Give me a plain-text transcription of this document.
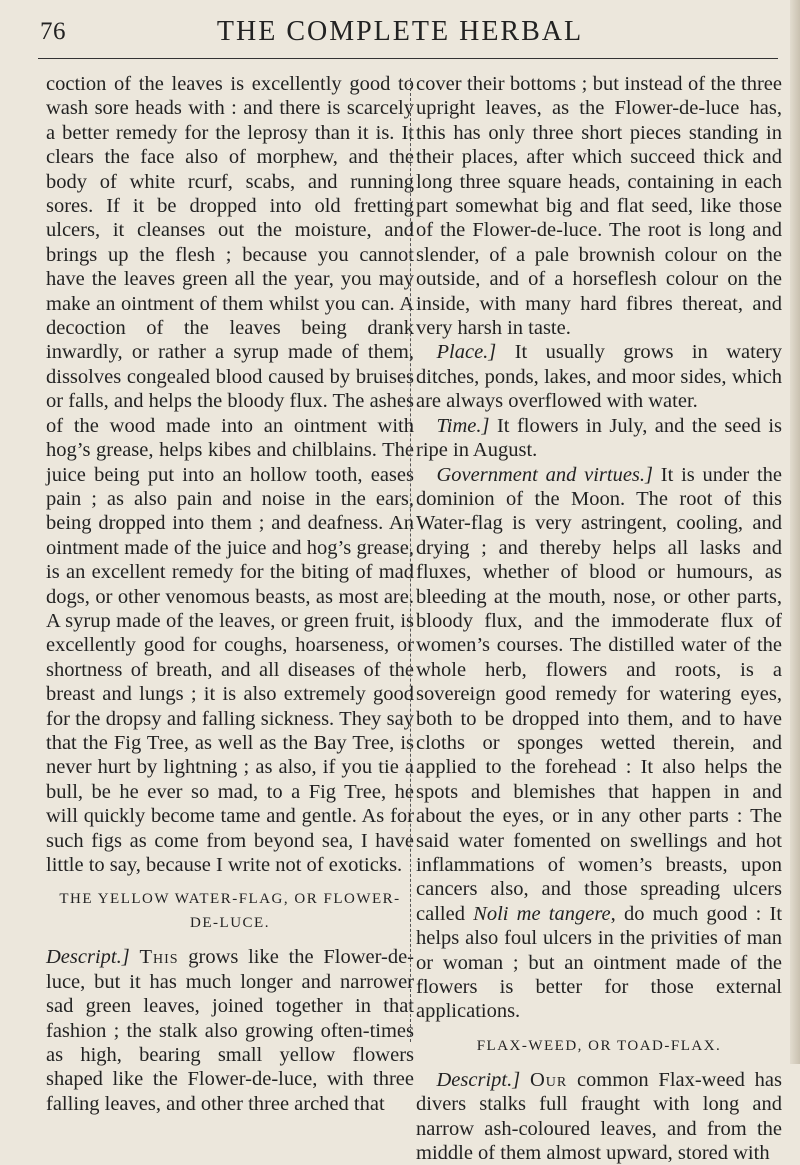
76	THE COMPLETE HERBAL

coction of the leaves is excellently good to wash sore heads with : and there is scarcely a better remedy for the leprosy than it is. It clears the face also of morphew, and the body of white rcurf, scabs, and running sores. If it be dropped into old fretting ulcers, it cleanses out the moisture, and brings up the flesh ; because you cannot have the leaves green all the year, you may make an ointment of them whilst you can. A decoction of the leaves being drank inwardly, or rather a syrup made of them, dissolves congealed blood caused by bruises or falls, and helps the bloody flux. The ashes of the wood made into an ointment with hog’s grease, helps kibes and chilblains. The juice being put into an hollow tooth, eases pain ; as also pain and noise in the ears, being dropped into them ; and deafness. An ointment made of the juice and hog’s grease, is an excellent remedy for the biting of mad dogs, or other venomous beasts, as most are. A syrup made of the leaves, or green fruit, is excellently good for coughs, hoarseness, or shortness of breath, and all diseases of the breast and lungs ; it is also extremely good for the dropsy and falling sickness. They say that the Fig Tree, as well as the Bay Tree, is never hurt by lightning ; as also, if you tie a bull, be he ever so mad, to a Fig Tree, he will quickly become tame and gentle. As for such figs as come from beyond sea, I have little to say, because I write not of exoticks.

THE YELLOW WATER-FLAG, OR FLOWER-DE-LUCE.

Descript.] This grows like the Flower-de-luce, but it has much longer and narrower sad green leaves, joined together in that fashion ; the stalk also growing often-times as high, bearing small yellow flowers shaped like the Flower-de-luce, with three falling leaves, and other three arched that

cover their bottoms ; but instead of the three upright leaves, as the Flower-de-luce has, this has only three short pieces standing in their places, after which succeed thick and long three square heads, containing in each part somewhat big and flat seed, like those of the Flower-de-luce. The root is long and slender, of a pale brownish colour on the outside, and of a horseflesh colour on the inside, with many hard fibres thereat, and very harsh in taste.

 Place.] It usually grows in watery ditches, ponds, lakes, and moor sides, which are always overflowed with water.

 Time.] It flowers in July, and the seed is ripe in August.

 Government and virtues.] It is under the dominion of the Moon. The root of this Water-flag is very astringent, cooling, and drying ; and thereby helps all lasks and fluxes, whether of blood or humours, as bleeding at the mouth, nose, or other parts, bloody flux, and the immoderate flux of women’s courses. The distilled water of the whole herb, flowers and roots, is a sovereign good remedy for watering eyes, both to be dropped into them, and to have cloths or sponges wetted therein, and applied to the forehead : It also helps the spots and blemishes that happen in and about the eyes, or in any other parts : The said water fomented on swellings and hot inflammations of women’s breasts, upon cancers also, and those spreading ulcers called Noli me tangere, do much good : It helps also foul ulcers in the privities of man or woman ; but an ointment made of the flowers is better for those external applications.

FLAX-WEED, OR TOAD-FLAX.

 Descript.] Our common Flax-weed has divers stalks full fraught with long and narrow ash-coloured leaves, and from the middle of them almost upward, stored with
